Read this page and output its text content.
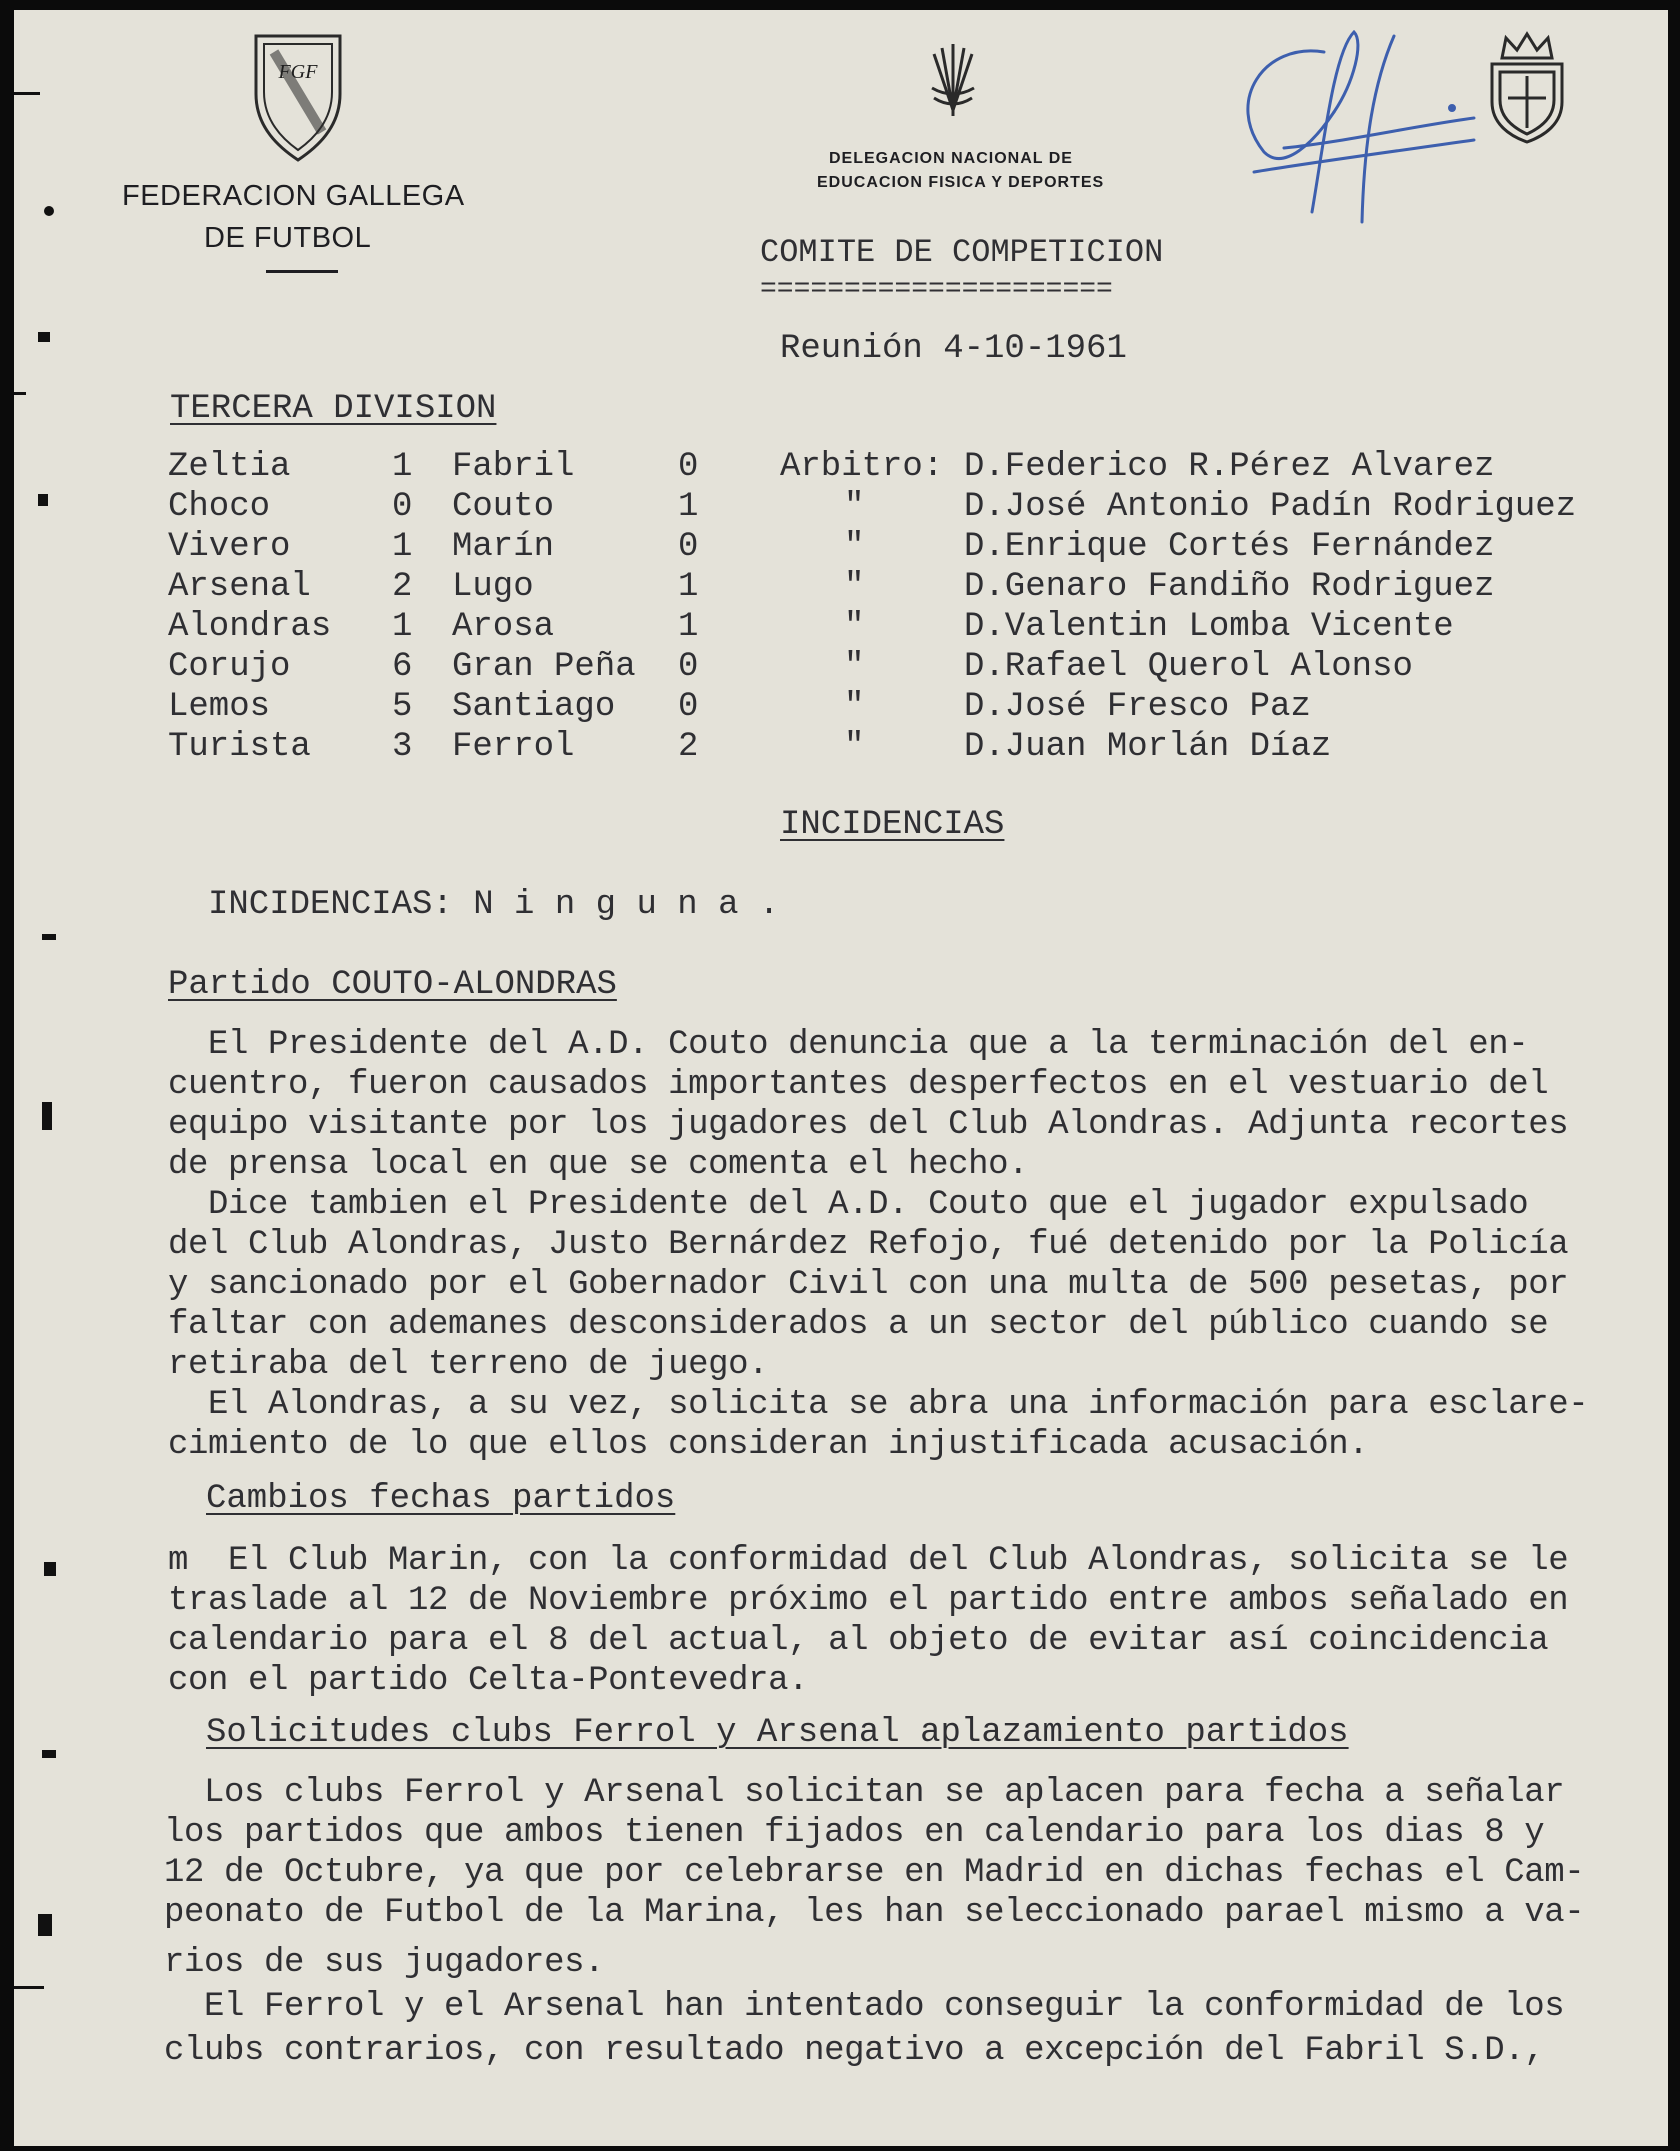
FGF
FEDERACION GALLEGA
DE FUTBOL
DELEGACION NACIONAL DE
EDUCACION FISICA Y DEPORTES
COMITE DE COMPETICION
=====================
Reunión 4-10-1961
TERCERA DIVISION
Zeltia	1 Fabril	0 Arbitro: D.Federico R.Pérez Alvarez
Choco	0 Couto	1	"	D.José Antonio Padín Rodriguez
Vivero	1 Marín	0	"	D.Enrique Cortés Fernández
Arsenal 2 Lugo	1	"	D.Genaro Fandiño Rodriguez
Alondras 1 Arosa	1	"	D.Valentin Lomba Vicente
Corujo	6 Gran Peña 0	"	D.Rafael Querol Alonso
Lemos	5 Santiago 0	"	D.José Fresco Paz
Turista 3 Ferrol	2	"	D.Juan Morlán Díaz
INCIDENCIAS
INCIDENCIAS: N i n g u n a .
Partido COUTO-ALONDRAS
El Presidente del A.D. Couto denuncia que a la terminación del en-
cuentro, fueron causados importantes desperfectos en el vestuario del
equipo visitante por los jugadores del Club Alondras. Adjunta recortes
de prensa local en que se comenta el hecho.
Dice tambien el Presidente del A.D. Couto que el jugador expulsado
del Club Alondras, Justo Bernárdez Refojo, fué detenido por la Policía
y sancionado por el Gobernador Civil con una multa de 500 pesetas, por
faltar con ademanes desconsiderados a un sector del público cuando se
retiraba del terreno de juego.
El Alondras, a su vez, solicita se abra una información para esclare-
cimiento de lo que ellos consideran injustificada acusación.
Cambios fechas partidos
m  El Club Marin, con la conformidad del Club Alondras, solicita se le
traslade al 12 de Noviembre próximo el partido entre ambos señalado en
calendario para el 8 del actual, al objeto de evitar así coincidencia
con el partido Celta-Pontevedra.
Solicitudes clubs Ferrol y Arsenal aplazamiento partidos
Los clubs Ferrol y Arsenal solicitan se aplacen para fecha a señalar
los partidos que ambos tienen fijados en calendario para los dias 8 y
12 de Octubre, ya que por celebrarse en Madrid en dichas fechas el Cam-
peonato de Futbol de la Marina, les han seleccionado parael mismo a va-
rios de sus jugadores.
El Ferrol y el Arsenal han intentado conseguir la conformidad de los
clubs contrarios, con resultado negativo a excepción del Fabril S.D.,
